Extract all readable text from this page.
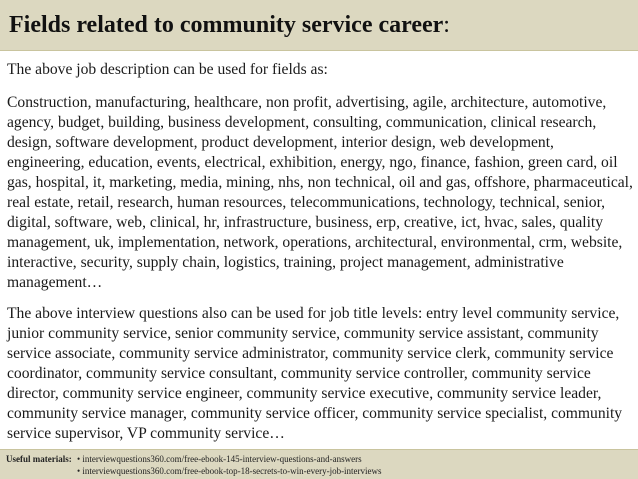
Fields related to community service career:

The above job description can be used for fields as:

Construction, manufacturing, healthcare, non profit, advertising, agile, architecture, automotive, agency, budget, building, business development, consulting, communication, clinical research, design, software development, product development, interior design, web development, engineering, education, events, electrical, exhibition, energy, ngo, finance, fashion, green card, oil gas, hospital, it, marketing, media, mining, nhs, non technical, oil and gas, offshore, pharmaceutical, real estate, retail, research, human resources, telecommunications, technology, technical, senior, digital, software, web, clinical, hr, infrastructure, business, erp, creative, ict, hvac, sales, quality management, uk, implementation, network, operations, architectural, environmental, crm, website, interactive, security, supply chain, logistics, training, project management, administrative management…

The above interview questions also can be used for job title levels: entry level community service, junior community service, senior community service, community service assistant, community service associate, community service administrator, community service clerk, community service coordinator, community service consultant, community service controller, community service director, community service engineer, community service executive, community service leader, community service manager, community service officer, community service specialist, community service supervisor, VP community service…

Useful materials: • interviewquestions360.com/free-ebook-145-interview-questions-and-answers
• interviewquestions360.com/free-ebook-top-18-secrets-to-win-every-job-interviews
